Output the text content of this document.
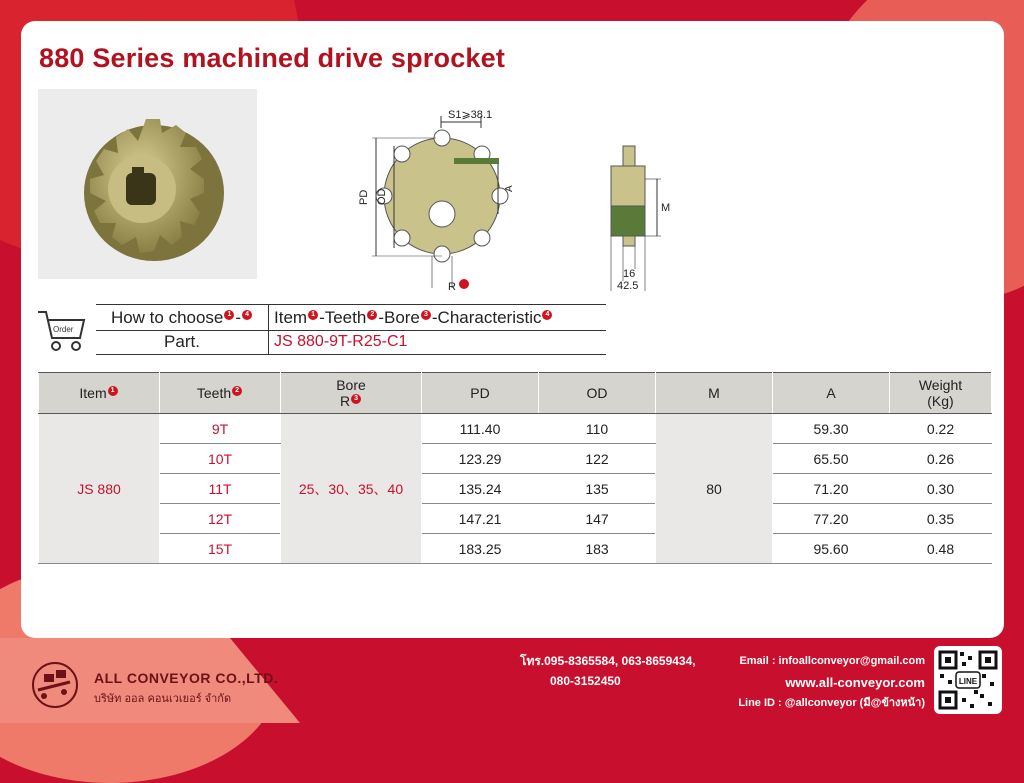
880 Series machined drive sprocket
S1⩾38.1
PD OD	A
R
M
16
42.5
Order
How to choose 1 - 4	Item 1 -Teeth 2 -Bore 3 -Characteristic 4
Part.	JS 880-9T-R25-C1
Item 1	Teeth 2	Bore
R 3	PD	OD	M	A	Weight
(Kg)
JS 880	9T	25、30、35、40	111.40	110	80	59.30	0.22
	10T		123.29	122		65.50	0.26
	11T		135.24	135		71.20	0.30
	12T		147.21	147		77.20	0.35
	15T		183.25	183		95.60	0.48
ALL CONVEYOR CO.,LTD.
บริษัท ออล คอนเวเยอร์ จำกัด
โทร.095-8365584, 063-8659434,
080-3152450
Email : infoallconveyor@gmail.com
www.all-conveyor.com
Line ID : @allconveyor (มี@ข้างหน้า)
LINE
